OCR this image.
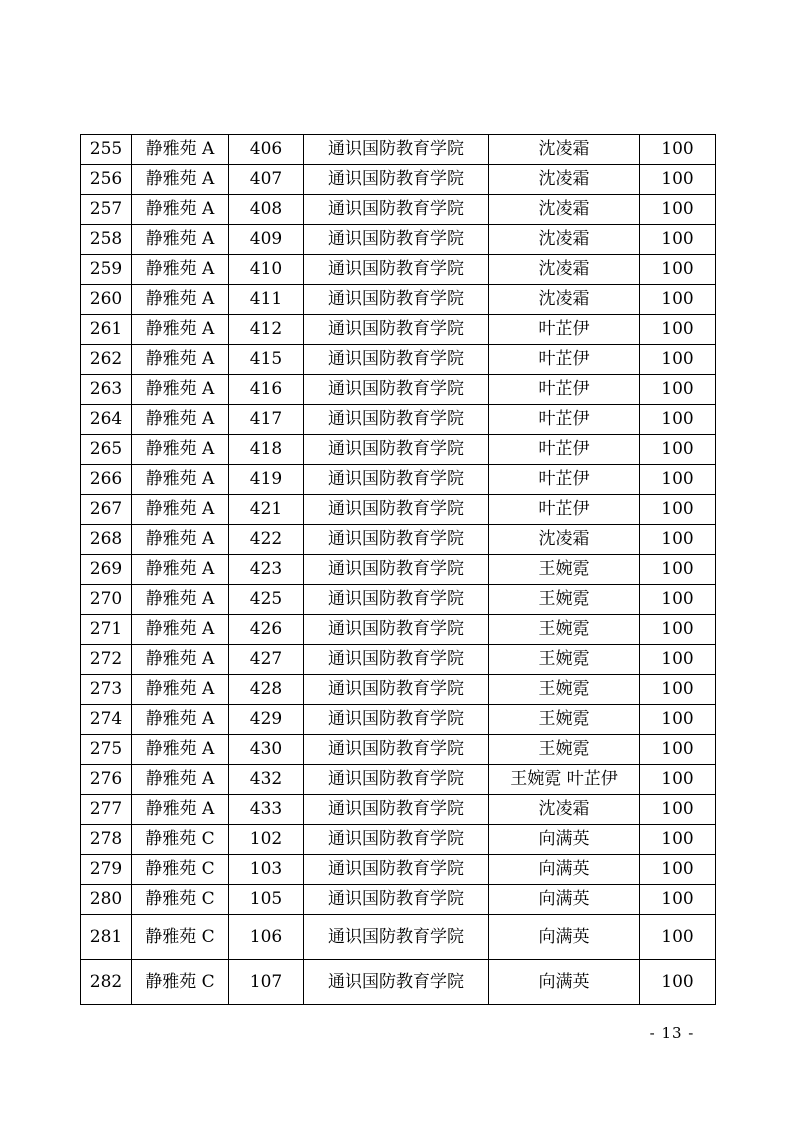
255	静雅苑 A	406	通识国防教育学院	沈凌霜	100
256	静雅苑 A	407	通识国防教育学院	沈凌霜	100
257	静雅苑 A	408	通识国防教育学院	沈凌霜	100
258	静雅苑 A	409	通识国防教育学院	沈凌霜	100
259	静雅苑 A	410	通识国防教育学院	沈凌霜	100
260	静雅苑 A	411	通识国防教育学院	沈凌霜	100
261	静雅苑 A	412	通识国防教育学院	叶芷伊	100
262	静雅苑 A	415	通识国防教育学院	叶芷伊	100
263	静雅苑 A	416	通识国防教育学院	叶芷伊	100
264	静雅苑 A	417	通识国防教育学院	叶芷伊	100
265	静雅苑 A	418	通识国防教育学院	叶芷伊	100
266	静雅苑 A	419	通识国防教育学院	叶芷伊	100
267	静雅苑 A	421	通识国防教育学院	叶芷伊	100
268	静雅苑 A	422	通识国防教育学院	沈凌霜	100
269	静雅苑 A	423	通识国防教育学院	王婉霓	100
270	静雅苑 A	425	通识国防教育学院	王婉霓	100
271	静雅苑 A	426	通识国防教育学院	王婉霓	100
272	静雅苑 A	427	通识国防教育学院	王婉霓	100
273	静雅苑 A	428	通识国防教育学院	王婉霓	100
274	静雅苑 A	429	通识国防教育学院	王婉霓	100
275	静雅苑 A	430	通识国防教育学院	王婉霓	100
276	静雅苑 A	432	通识国防教育学院	王婉霓 叶芷伊	100
277	静雅苑 A	433	通识国防教育学院	沈凌霜	100
278	静雅苑 C	102	通识国防教育学院	向满英	100
279	静雅苑 C	103	通识国防教育学院	向满英	100
280	静雅苑 C	105	通识国防教育学院	向满英	100
281	静雅苑 C	106	通识国防教育学院	向满英	100
282	静雅苑 C	107	通识国防教育学院	向满英	100
- 13 -
